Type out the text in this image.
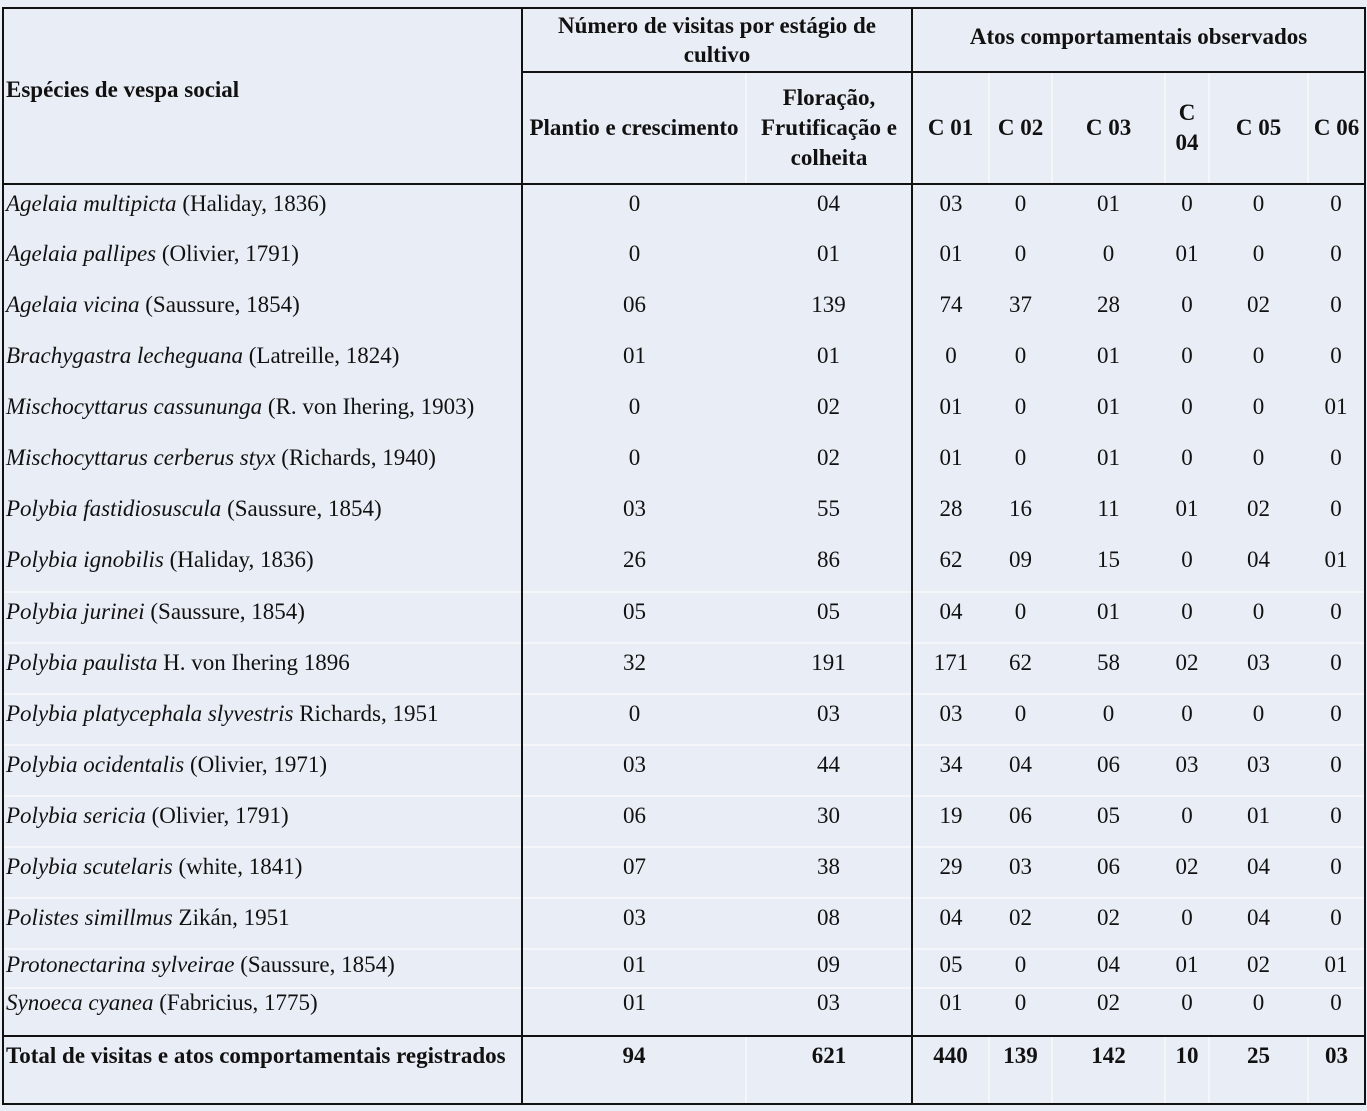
Espécies de vespa social	Número de visitas por estágio de cultivo		Atos comportamentais observados					
	Plantio e crescimento	Floração, Frutificação e colheita	C 01	C 02	C 03	C 04	C 05	C 06
Agelaia multipicta (Haliday, 1836)	0	04	03	0	01	0	0	0
Agelaia pallipes (Olivier, 1791)	0	01	01	0	0	01	0	0
Agelaia vicina (Saussure, 1854)	06	139	74	37	28	0	02	0
Brachygastra lecheguana (Latreille, 1824)	01	01	0	0	01	0	0	0
Mischocyttarus cassununga (R. von Ihering, 1903)	0	02	01	0	01	0	0	01
Mischocyttarus cerberus styx (Richards, 1940)	0	02	01	0	01	0	0	0
Polybia fastidiosuscula (Saussure, 1854)	03	55	28	16	11	01	02	0
Polybia ignobilis (Haliday, 1836)	26	86	62	09	15	0	04	01
Polybia jurinei (Saussure, 1854)	05	05	04	0	01	0	0	0
Polybia paulista H. von Ihering 1896	32	191	171	62	58	02	03	0
Polybia platycephala slyvestris Richards, 1951	0	03	03	0	0	0	0	0
Polybia ocidentalis (Olivier, 1971)	03	44	34	04	06	03	03	0
Polybia sericia (Olivier, 1791)	06	30	19	06	05	0	01	0
Polybia scutelaris (white, 1841)	07	38	29	03	06	02	04	0
Polistes simillmus Zikán, 1951	03	08	04	02	02	0	04	0
Protonectarina sylveirae (Saussure, 1854)	01	09	05	0	04	01	02	01
Synoeca cyanea (Fabricius, 1775)	01	03	01	0	02	0	0	0
Total de visitas e atos comportamentais registrados	94	621	440	139	142	10	25	03
